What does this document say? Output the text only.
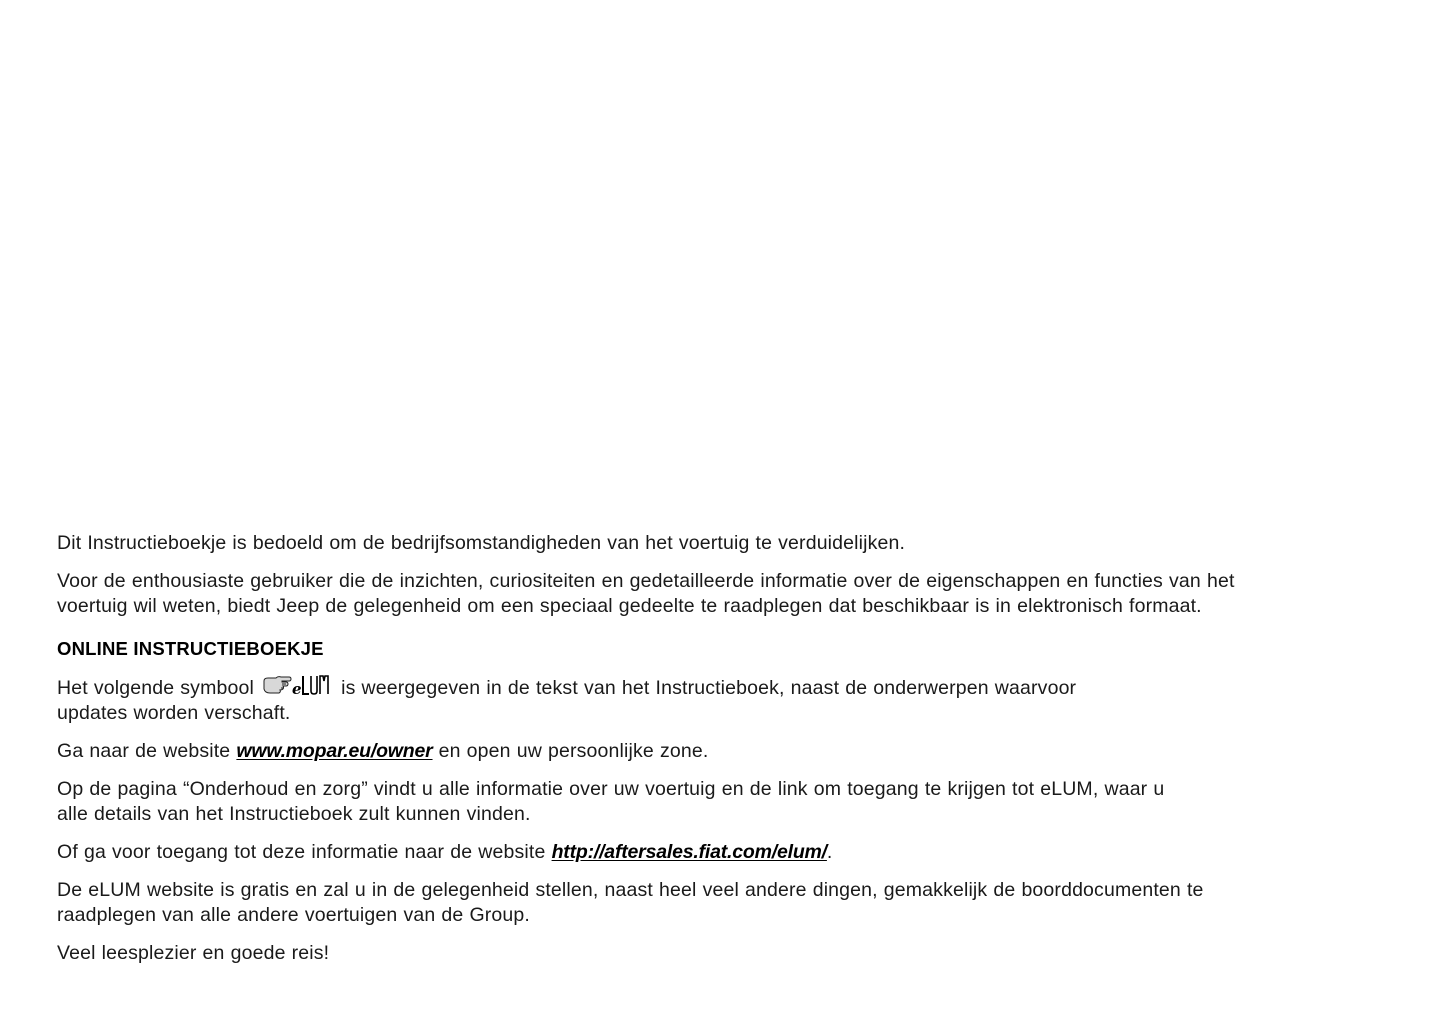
Dit Instructieboekje is bedoeld om de bedrijfsomstandigheden van het voertuig te verduidelijken.

Voor de enthousiaste gebruiker die de inzichten, curiositeiten en gedetailleerde informatie over de eigenschappen en functies van het
voertuig wil weten, biedt Jeep de gelegenheid om een speciaal gedeelte te raadplegen dat beschikbaar is in elektronisch formaat.

ONLINE INSTRUCTIEBOEKJE

Het volgende symbool	e is weergegeven in de tekst van het Instructieboek, naast de onderwerpen waarvoor
updates worden verschaft.

Ga naar de website www.mopar.eu/owner en open uw persoonlijke zone.

Op de pagina “Onderhoud en zorg” vindt u alle informatie over uw voertuig en de link om toegang te krijgen tot eLUM, waar u
alle details van het Instructieboek zult kunnen vinden.

Of ga voor toegang tot deze informatie naar de website http://aftersales.fiat.com/elum/.

De eLUM website is gratis en zal u in de gelegenheid stellen, naast heel veel andere dingen, gemakkelijk de boorddocumenten te
raadplegen van alle andere voertuigen van de Group.

Veel leesplezier en goede reis!
